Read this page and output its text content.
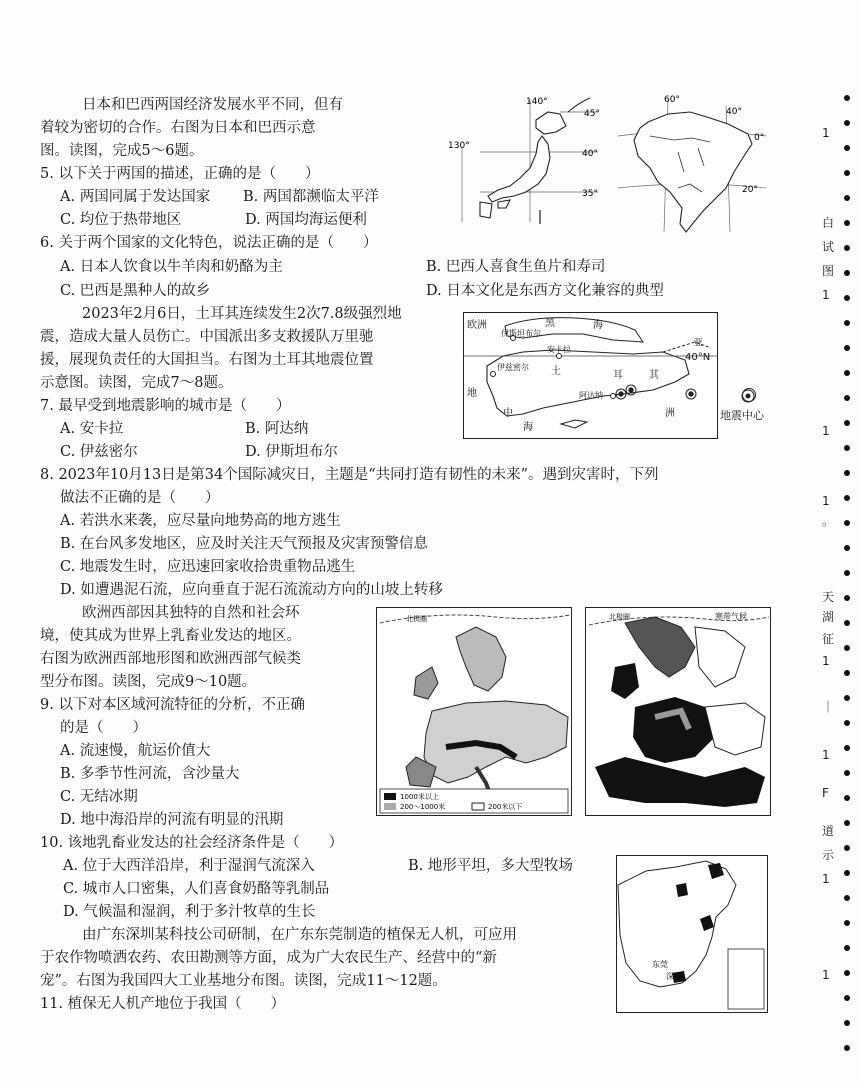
日本和巴西两国经济发展水平不同，但有
着较为密切的合作。右图为日本和巴西示意
图。读图，完成5～6题。
5. 以下关于两国的描述，正确的是（　　）
A. 两国同属于发达国家 B. 两国都濒临太平洋
C. 均位于热带地区	D. 两国均海运便利
6. 关于两个国家的文化特色，说法正确的是（　　）
A. 日本人饮食以牛羊肉和奶酪为主	B. 巴西人喜食生鱼片和寿司
C. 巴西是黑种人的故乡	D. 日本文化是东西方文化兼容的典型
2023年2月6日，土耳其连续发生2次7.8级强烈地
震，造成大量人员伤亡。中国派出多支救援队万里驰
援，展现负责任的大国担当。右图为土耳其地震位置
示意图。读图，完成7～8题。
7. 最早受到地震影响的城市是（　　）
A. 安卡拉	B. 阿达纳
C. 伊兹密尔	D. 伊斯坦布尔
8. 2023年10月13日是第34个国际减灾日，主题是“共同打造有韧性的未来”。遇到灾害时，下列
做法不正确的是（　　）
A. 若洪水来袭，应尽量向地势高的地方逃生
B. 在台风多发地区，应及时关注天气预报及灾害预警信息
C. 地震发生时，应迅速回家收拾贵重物品逃生
D. 如遭遇泥石流，应向垂直于泥石流流动方向的山坡上转移
欧洲西部因其独特的自然和社会环
境，使其成为世界上乳畜业发达的地区。
右图为欧洲西部地形图和欧洲西部气候类
型分布图。读图，完成9～10题。
9. 以下对本区域河流特征的分析，不正确
的是（　　）
A. 流速慢，航运价值大
B. 多季节性河流，含沙量大
C. 无结冰期
D. 地中海沿岸的河流有明显的汛期
10. 该地乳畜业发达的社会经济条件是（　　）
A. 位于大西洋沿岸，利于湿润气流深入	B. 地形平坦，多大型牧场
C. 城市人口密集，人们喜食奶酪等乳制品
D. 气候温和湿润，利于多汁牧草的生长
由广东深圳某科技公司研制，在广东东莞制造的植保无人机，可应用
于农作物喷洒农药、农田勘测等方面，成为广大农民生产、经营中的“新
宠”。右图为我国四大工业基地分布图。读图，完成11～12题。
11. 植保无人机产地位于我国（　　）
140°
130°
45°
40°
35°
60°
40°
0°
20°
欧洲	黑	海
伊斯坦布尔
亚
安卡拉
40°N
伊兹密尔 土	耳	其
阿达纳
地
中
海
洲	地震中心
1000米以上
200～1000米	200米以下
北极圈	北极圈	寒带气候
东莞
深圳
1
白
试
图
1
1
1
。
天
湖
征
1
｜
1
F
道
示
1
1
